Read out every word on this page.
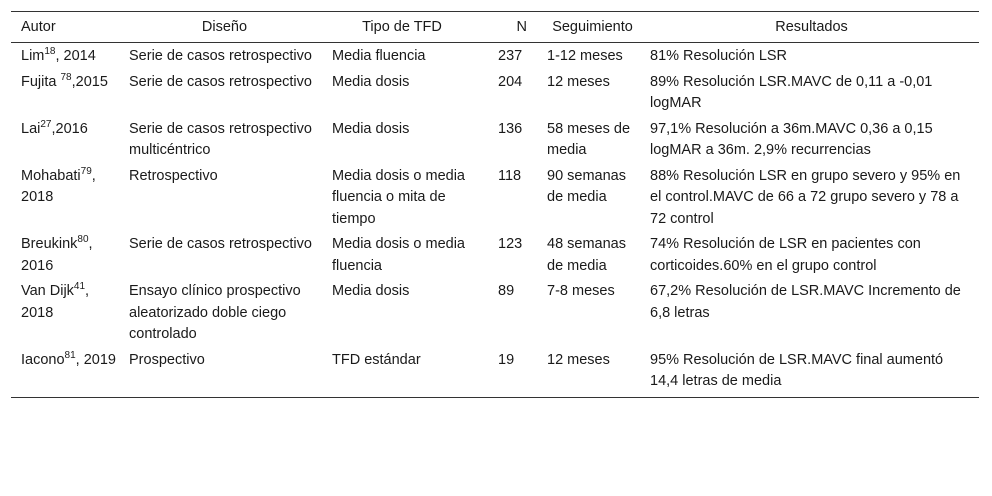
Autor	Diseño	Tipo de TFD	N	Seguimiento	Resultados
Lim$^{18}$, 2014	Serie de casos retrospectivo	Media fluencia	237	1-12 meses	81% Resolución LSR
Fujita $^{78}$,2015	Serie de casos retrospectivo	Media dosis	204	12 meses	89% Resolución LSR.MAVC de 0,11 a -0,01 logMAR
Lai$^{27}$,2016	Serie de casos retrospectivo multicéntrico	Media dosis	136	58 meses de media	97,1% Resolución a 36m.MAVC 0,36 a 0,15 logMAR a 36m. 2,9% recurrencias
Mohabati$^{79}$, 2018	Retrospectivo	Media dosis o media fluencia o mita de tiempo	118	90 semanas de media	88% Resolución LSR en grupo severo y 95% en el control.MAVC de 66 a 72 grupo severo y 78 a 72 control
Breukink$^{80}$, 2016	Serie de casos retrospectivo	Media dosis o media fluencia	123	48 semanas de media	74% Resolución de LSR en pacientes con corticoides.60% en el grupo control
Van Dijk$^{41}$, 2018	Ensayo clínico prospectivo aleatorizado doble ciego controlado	Media dosis	89	7-8 meses	67,2% Resolución de LSR.MAVC Incremento de 6,8 letras
Iacono$^{81}$, 2019	Prospectivo	TFD estándar	19	12 meses	95% Resolución de LSR.MAVC final aumentó 14,4 letras de media
